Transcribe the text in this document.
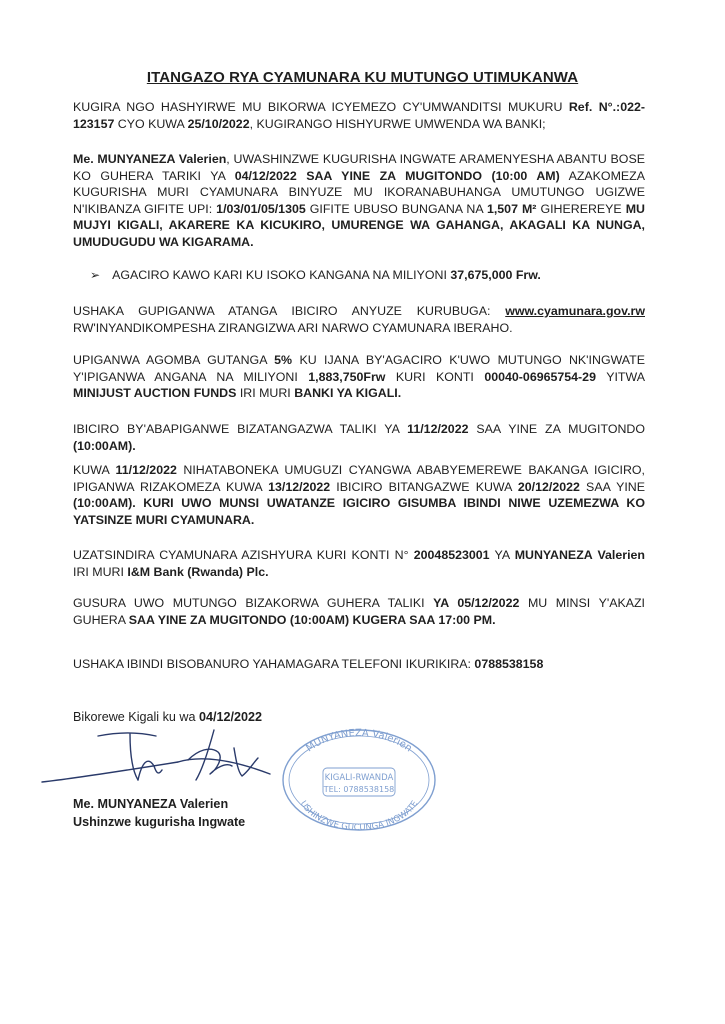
ITANGAZO RYA CYAMUNARA KU MUTUNGO UTIMUKANWA
KUGIRA NGO HASHYIRWE MU BIKORWA ICYEMEZO CY'UMWANDITSI MUKURU Ref. N°.:022-123157 CYO KUWA 25/10/2022, KUGIRANGO HISHYURWE UMWENDA WA BANKI;
Me. MUNYANEZA Valerien, UWASHINZWE KUGURISHA INGWATE ARAMENYESHA ABANTU BOSE KO GUHERA TARIKI YA 04/12/2022 SAA YINE ZA MUGITONDO (10:00 AM) AZAKOMEZA KUGURISHA MURI CYAMUNARA BINYUZE MU IKORANABUHANGA UMUTUNGO UGIZWE N'IKIBANZA GIFITE UPI: 1/03/01/05/1305 GIFITE UBUSO BUNGANA NA 1,507 M² GIHEREREYE MU MUJYI KIGALI, AKARERE KA KICUKIRO, UMURENGE WA GAHANGA, AKAGALI KA NUNGA, UMUDUGUDU WA KIGARAMA.
➢ AGACIRO KAWO KARI KU ISOKO KANGANA NA MILIYONI 37,675,000 Frw.
USHAKA GUPIGANWA ATANGA IBICIRO ANYUZE KURUBUGA: www.cyamunara.gov.rw RW'INYANDIKOMPESHA ZIRANGIZWA ARI NARWO CYAMUNARA IBERAHO.
UPIGANWA AGOMBA GUTANGA 5% KU IJANA BY'AGACIRO K'UWO MUTUNGO NK'INGWATE Y'IPIGANWA ANGANA NA MILIYONI 1,883,750Frw KURI KONTI 00040-06965754-29 YITWA MINIJUST AUCTION FUNDS IRI MURI BANKI YA KIGALI.
IBICIRO BY'ABAPIGANWE BIZATANGAZWA TALIKI YA 11/12/2022 SAA YINE ZA MUGITONDO (10:00AM).
KUWA 11/12/2022 NIHATABONEKA UMUGUZI CYANGWA ABABYEMEREWE BAKANGA IGICIRO, IPIGANWA RIZAKOMEZA KUWA 13/12/2022 IBICIRO BITANGAZWE KUWA 20/12/2022 SAA YINE (10:00AM). KURI UWO MUNSI UWATANZE IGICIRO GISUMBA IBINDI NIWE UZEMEZWA KO YATSINZE MURI CYAMUNARA.
UZATSINDIRA CYAMUNARA AZISHYURA KURI KONTI N° 20048523001 YA MUNYANEZA Valerien IRI MURI I&M Bank (Rwanda) Plc.
GUSURA UWO MUTUNGO BIZAKORWA GUHERA TALIKI YA 05/12/2022 MU MINSI Y'AKAZI GUHERA SAA YINE ZA MUGITONDO (10:00AM) KUGERA SAA 17:00 PM.
USHAKA IBINDI BISOBANURO YAHAMAGARA TELEFONI IKURIKIRA: 0788538158
Bikorewe Kigali ku wa 04/12/2022
MUNYANEZA Valerien
KIGALI-RWANDA
TEL: 0788538158
USHINZWE GUCUNGA INGWATE
Me. MUNYANEZA Valerien
Ushinzwe kugurisha Ingwate
